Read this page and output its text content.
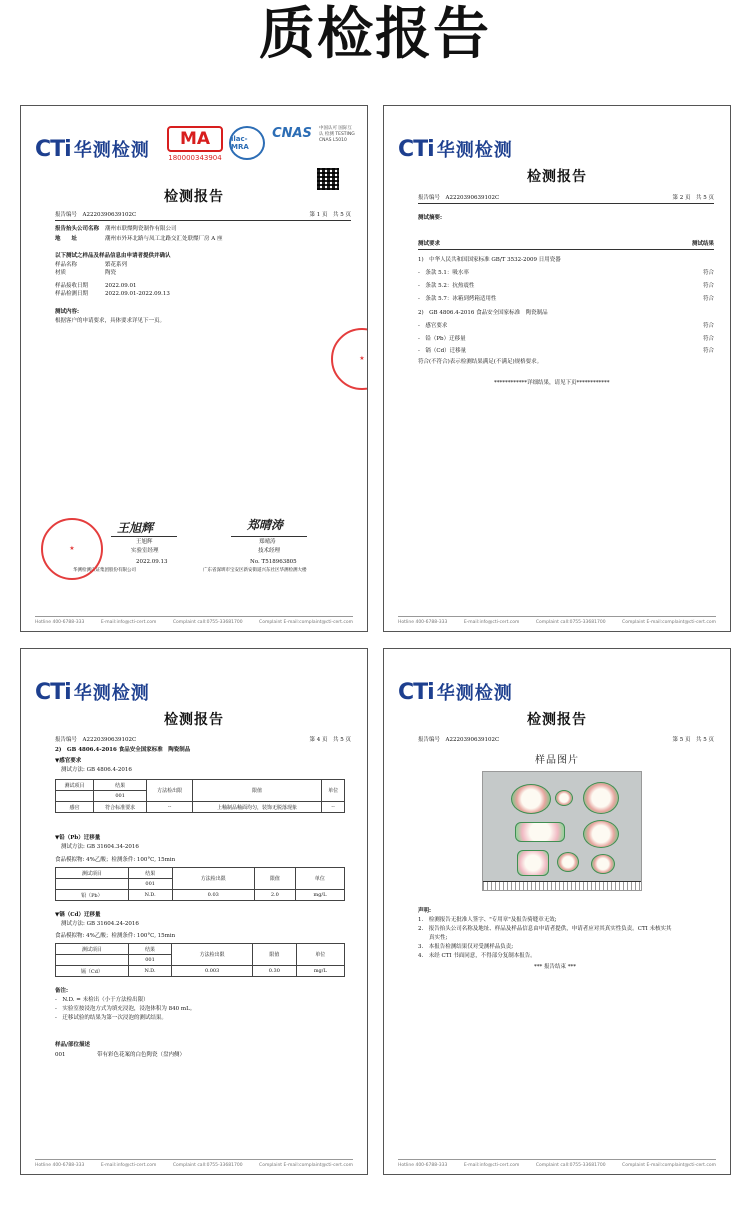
质检报告
CTi 华测检测
MA
180000343904
ilac-MRA
CNAS 中国认可 国际互认 检测 TESTING CNAS L5010
检测报告
报告编号　A2220390639102C	第 1 页　共 5 页
报告抬头公司名称 潮州市联燦陶瓷制作有限公司
地　　址	潮州市外环北路与凤工北路交汇处联燦厂房 A 座
以下测试之样品及样品信息由申请者提供并确认
样品名称	繁花系列
材质	陶瓷
样品接收日期	2022.09.01
样品检测日期	2022.09.01-2022.09.13
测试内容:
根据客户的申请要求，具体要求详见下一页。
★
王旭辉	郑晴涛
王旭辉	郑晴涛
实验室经理	技术经理
2022.09.13	No. T518963805
华测检测认证集团股份有限公司	广东省深圳市宝安区新安街道兴东社区华测检测大楼
★
Hotline 400-6788-333	E-mail:info@cti-cert.com	Complaint call:0755-33681700	Complaint E-mail:complaint@cti-cert.com
CTi 华测检测
检测报告
报告编号　A2220390639102C	第 2 页　共 5 页
测试摘要:
测试要求	测试结果
1)　中华人民共和国国家标准 GB/T 3532-2009 日用瓷器
-　条款 5.1：吸水率	符合
-　条款 5.2：抗热震性	符合
-　条款 5.7：冰箱到烤箱适用性	符合
2)　GB 4806.4-2016 食品安全国家标准　陶瓷制品
-　感官要求	符合
-　铅（Pb）迁移量	符合
-　镉（Cd）迁移量	符合
符合(不符合)表示检测结果满足(不满足)规格要求。
************详细结果，请见下页************
Hotline 400-6788-333	E-mail:info@cti-cert.com	Complaint call:0755-33681700	Complaint E-mail:complaint@cti-cert.com
CTi 华测检测
检测报告
报告编号　A2220390639102C	第 4 页　共 5 页
2)　GB 4806.4-2016 食品安全国家标准　陶瓷制品
▼感官要求
测试方法: GB 4806.4-2016
测试项目	结果	方法检出限	限值	单位
	001			
感官	符合标准要求	--	上釉制品釉面均匀，装饰无脱落现象	--
▼铅（Pb）迁移量
测试方法: GB 31604.34-2016
食品模拟物: 4%乙酸；检测条件: 100°C, 15min
测试项目	结果	方法检出限	限值	单位
	001			
铅（Pb）	N.D.	0.03	2.0	mg/L
▼镉（Cd）迁移量
测试方法: GB 31604.24-2016
食品模拟物: 4%乙酸；检测条件: 100°C, 15min
测试项目	结果	方法检出限	限值	单位
	001			
镉（Cd）	N.D.	0.003	0.30	mg/L
备注:
-　N.D. = 未检出（小于方法检出限）
-　实验室按浸泡方式为填充浸泡，浸泡体积为 840 mL。
-　迁移试验的结果为第一次浸泡的测试结果。
样品/部位描述
001	带有彩色花案的白色陶瓷（盘内侧）
Hotline 400-6788-333	E-mail:info@cti-cert.com	Complaint call:0755-33681700	Complaint E-mail:complaint@cti-cert.com
CTi 华测检测
检测报告
报告编号　A2220390639102C	第 5 页　共 5 页
样品图片
声明:
1.　检测报告无批准人签字、"专用章"及报告骑缝章无效;
2.　报告抬头公司名称及地址、样品及样品信息由申请者提供，申请者应对其真实性负责。CTI 未核实其
　　真实性;
3.　本报告检测结果仅对受测样品负责;
4.　未经 CTI 书面同意，不得部分复制本报告。
*** 报告结束 ***
Hotline 400-6788-333	E-mail:info@cti-cert.com	Complaint call:0755-33681700	Complaint E-mail:complaint@cti-cert.com
